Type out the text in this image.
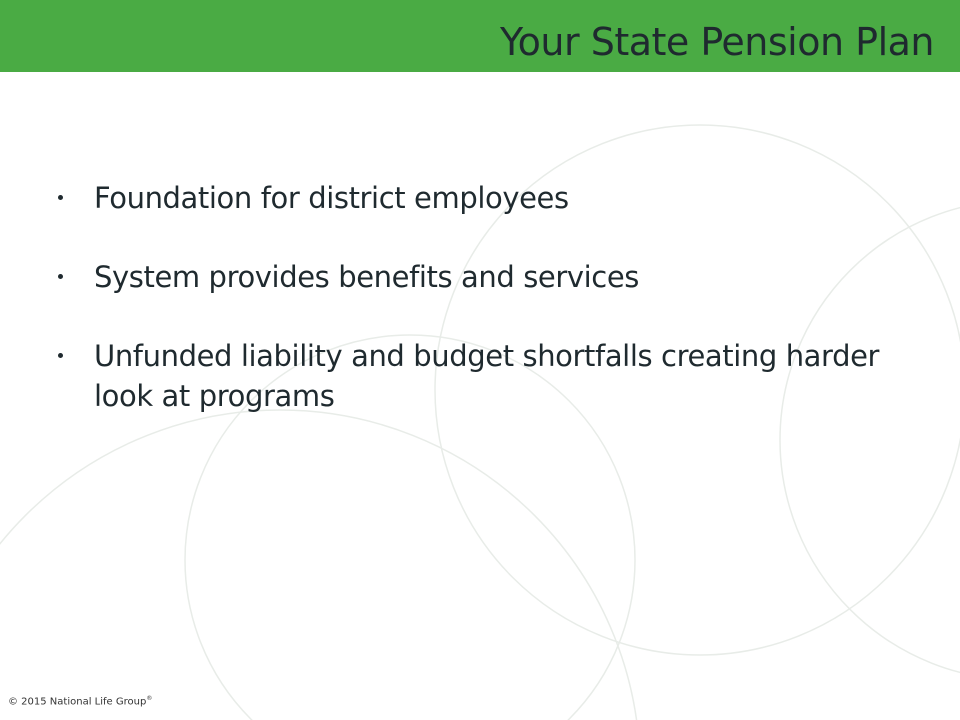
Your State Pension Plan
Foundation for district employees
System provides benefits and services
Unfunded liability and budget shortfalls creating harder look at programs
© 2015 National Life Group®
